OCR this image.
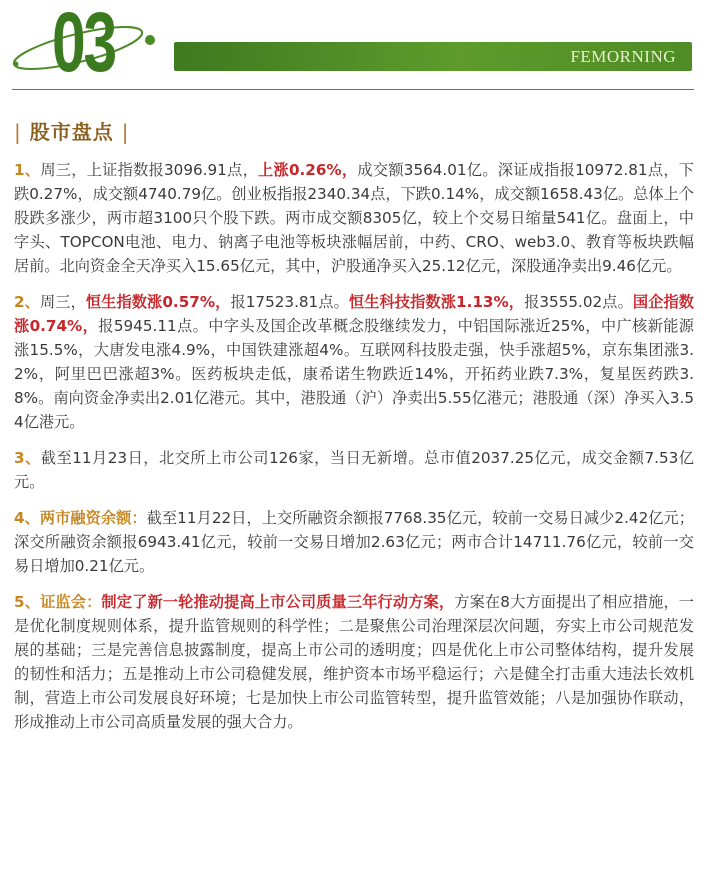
03	FEMORNING
| 股市盘点 |

1、周三，上证指数报3096.91点，上涨0.26%，成交额3564.01亿。深证成指报10972.81点，下跌0.27%，成交额4740.79亿。创业板指报2340.34点，下跌0.14%，成交额1658.43亿。总体上个股跌多涨少，两市超3100只个股下跌。两市成交额8305亿，较上个交易日缩量541亿。盘面上，中字头、TOPCON电池、电力、钠离子电池等板块涨幅居前，中药、CRO、web3.0、教育等板块跌幅居前。北向资金全天净买入15.65亿元，其中，沪股通净买入25.12亿元，深股通净卖出9.46亿元。

2、周三，恒生指数涨0.57%，报17523.81点。恒生科技指数涨1.13%，报3555.02点。国企指数涨0.74%，报5945.11点。中字头及国企改革概念股继续发力，中铝国际涨近25%，中广核新能源涨15.5%，大唐发电涨4.9%，中国铁建涨超4%。互联网科技股走强，快手涨超5%，京东集团涨3.2%，阿里巴巴涨超3%。医药板块走低，康希诺生物跌近14%，开拓药业跌7.3%，复星医药跌3.8%。南向资金净卖出2.01亿港元。其中，港股通（沪）净卖出5.55亿港元；港股通（深）净买入3.54亿港元。

3、截至11月23日，北交所上市公司126家，当日无新增。总市值2037.25亿元，成交金额7.53亿元。

4、两市融资余额：截至11月22日，上交所融资余额报7768.35亿元，较前一交易日减少2.42亿元；深交所融资余额报6943.41亿元，较前一交易日增加2.63亿元；两市合计14711.76亿元，较前一交易日增加0.21亿元。

5、证监会：制定了新一轮推动提高上市公司质量三年行动方案，方案在8大方面提出了相应措施，一是优化制度规则体系，提升监管规则的科学性；二是聚焦公司治理深层次问题，夯实上市公司规范发展的基础；三是完善信息披露制度，提高上市公司的透明度；四是优化上市公司整体结构，提升发展的韧性和活力；五是推动上市公司稳健发展，维护资本市场平稳运行；六是健全打击重大违法长效机制，营造上市公司发展良好环境；七是加快上市公司监管转型，提升监管效能；八是加强协作联动，形成推动上市公司高质量发展的强大合力。
